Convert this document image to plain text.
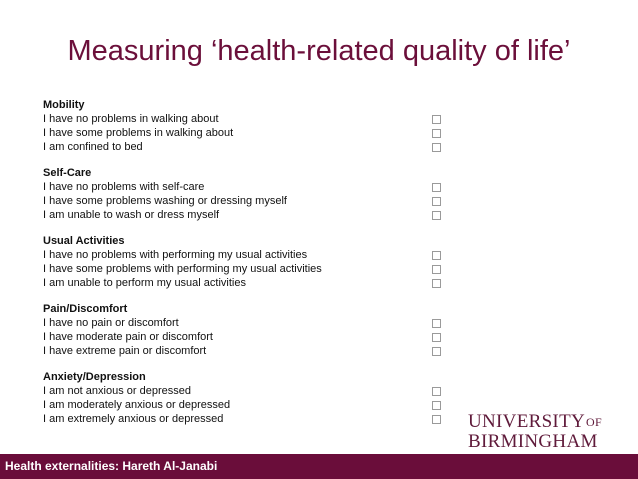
Measuring ‘health-related quality of life’
Mobility
I have no problems in walking about
I have some problems in walking about
I am confined to bed
Self-Care
I have no problems with self-care
I have some problems washing or dressing myself
I am unable to wash or dress myself
Usual Activities
I have no problems with performing my usual activities
I have some problems with performing my usual activities
I am unable to perform my usual activities
Pain/Discomfort
I have no pain or discomfort
I have moderate pain or discomfort
I have extreme pain or discomfort
Anxiety/Depression
I am not anxious or depressed
I am moderately anxious or depressed
I am extremely anxious or depressed	$UNIVERSITY^{OF}$
BIRMINGHAM
Health externalities: Hareth Al-Janabi
